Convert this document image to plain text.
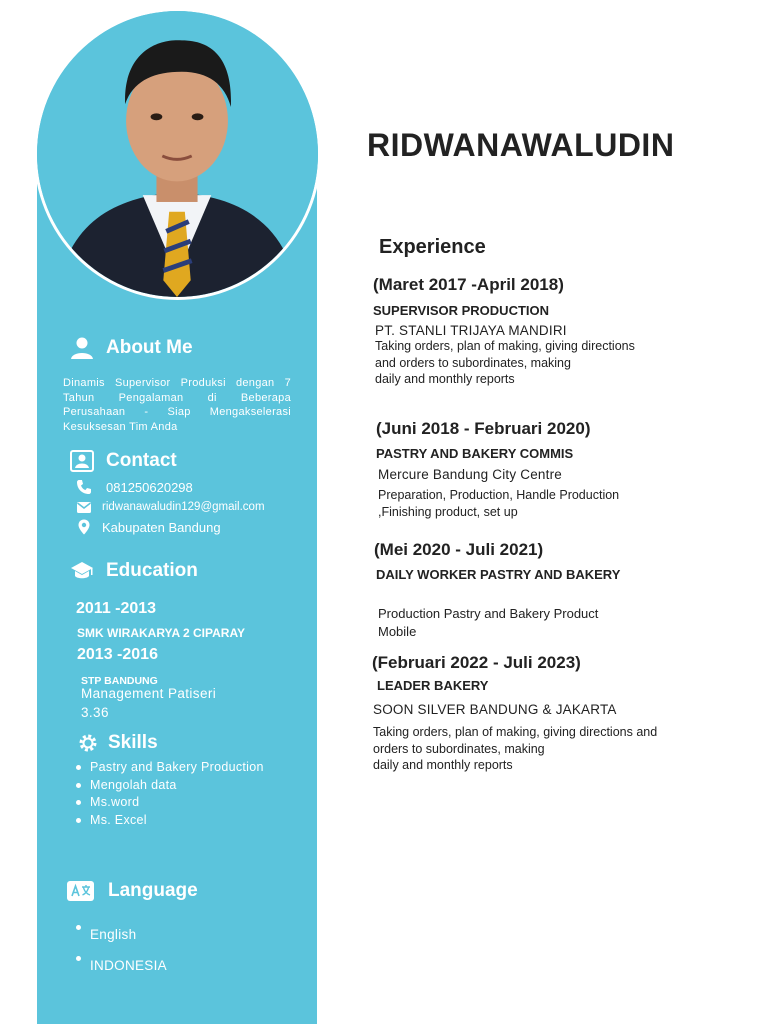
About Me
Dinamis Supervisor Produksi dengan 7 Tahun Pengalaman di Beberapa Perusahaan - Siap Mengakselerasi Kesuksesan Tim Anda
Contact
081250620298
ridwanawaludin129@gmail.com
Kabupaten Bandung
Education
2011 -2013
SMK WIRAKARYA 2 CIPARAY
2013 -2016
STP BANDUNG
Management Patiseri
3.36
Skills
Pastry and Bakery Production
Mengolah data
Ms.word
Ms. Excel
Language
English
INDONESIA
RIDWANAWALUDIN
Experience
(Maret 2017 -April 2018)
SUPERVISOR PRODUCTION
PT. STANLI TRIJAYA MANDIRI
Taking orders, plan of making, giving directions
and orders to subordinates, making
daily and monthly reports
(Juni 2018 - Februari 2020)
PASTRY AND BAKERY COMMIS
Mercure Bandung City Centre
Preparation, Production, Handle Production
,Finishing product, set up
(Mei 2020 - Juli 2021)
DAILY WORKER PASTRY AND BAKERY
Production Pastry and Bakery Product
Mobile
(Februari 2022 - Juli 2023)
LEADER BAKERY
SOON SILVER BANDUNG & JAKARTA
Taking orders, plan of making, giving directions and
orders to subordinates, making
daily and monthly reports
